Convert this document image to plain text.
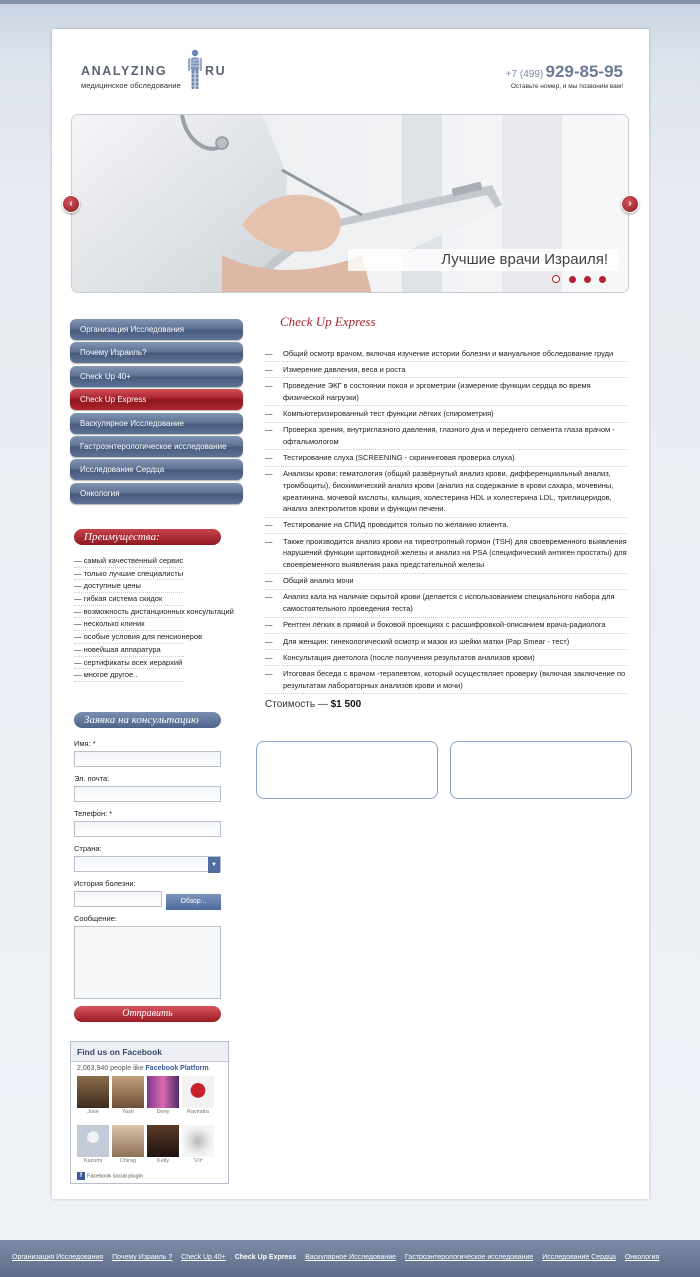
ANALYZING	RU
медицинское обследование
+7 (499) 929-85-95
Оставьте номер, и мы позвоним вам!
Лучшие врачи Израиля!

‹	›
Организация Исследования
Почему Израиль?
Check Up 40+
Check Up Express
Васкулярное Исследование
Гастроэнтерологическое исследование
Исследование Сердца
Онкология
Преимущества:
— самый качественный сервис
— только лучшие специалисты
— доступные цены
— гибкая система скидок
— возможность дистанционных консультаций
— несколько клиник
— особые условия для пенсионеров
— новейшая аппаратура
— сертификаты всех иерархий
— многое другое..
Заявка на консультацию
Имя: *
Эл. почта:
Телефон: *
Страна:
▼
История болезни:
Обзор...
Сообщение:
Отправить
Find us on Facebook
2,063,940 people like Facebook Platform.
Jose	Yash	Dony	Ravindra
Kazumi	Chirag	Kelly	יזהר
f Facebook social plugin
Check Up Express
—	Общий осмотр врачом, включая изучение истории болезни и мануальное обследование груди
—	Измерение давления, веса и роста
—	Проведение ЭКГ в состоянии покоя и эргометрии (измерение функции сердца во время физической нагрузки)
—	Компьютеризированный тест функции лёгких (спирометрия)
—	Проверка зрения, внутриглазного давления, глазного дна и переднего сегмента глаза врачом - офтальмологом
—	Тестирование слуха (SCREENING - скрининговая проверка слуха)
—	Анализы крови: гематология (общий развёрнутый анализ крови, дифференциальный анализ, тромбоцитьі), биохимический анализ крови (анализ на содержание в крови сахара, мочевины, креатинина, мочевой кислоты, кальция, холестерина HDL и холестерина LDL, триглицеридов, анализ электролитов крови и функции печени.
—	Тестирование на СПИД проводится только по желанию клиента.
—	Также производится анализ крови на тиреотропный гормон (TSH) для своевременного выявления нарушений функции щитовидной железы и анализ на PSA (специфический антиген простаты) для своевременного выявления рака предстательной железы
—	Общий анализ мочи
—	Анализ кала на наличие скрытой крови (делается с использованием специального набора для самостоятельного проведения теста)
—	Рентген лёгких в прямой и боковой проекциях с расшифровкой-описанием врача-радиолога
—	Для женщин: гинекологический осмотр и мазок из шейки матки (Pap Smear - тест)
—	Консультация диетолога (после получения результатов анализов крови)
—	Итоговая беседа с врачом -терапевтом, который осуществляет проверку (включая заключение по результатам лабораторных анализов крови и мочи)
Стоимость — $1 500
Организация Исследования Почему Израиль ? Check Up 40+ Check Up Express Васкулярное Исследование Гастроэнтерологическое исследование Исследование Сердца Онкология
